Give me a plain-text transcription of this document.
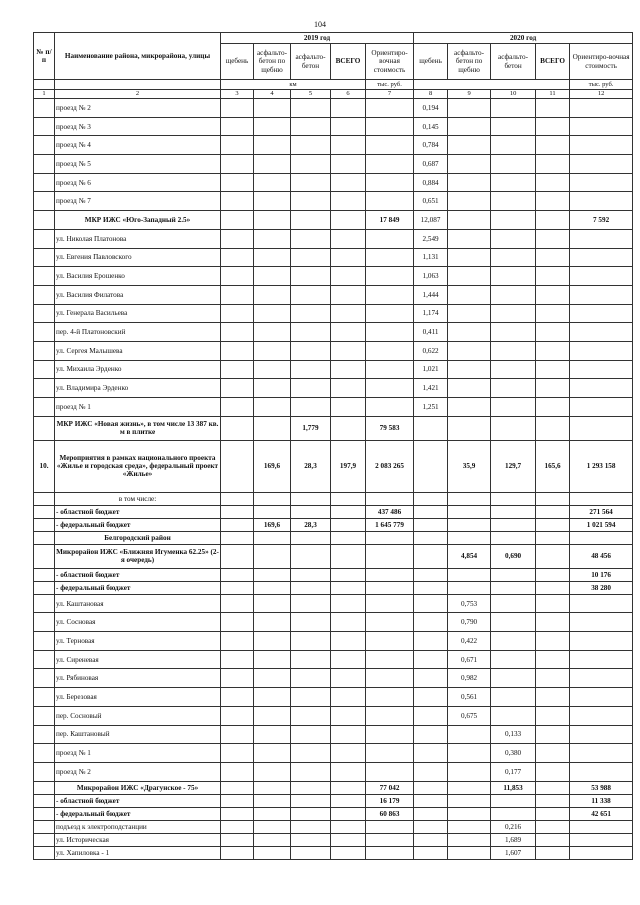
104
№ п/п	Наименование района, микрорайона, улицы	2019 год					2020 год				
		щебень	асфальто-бетон по щебню	асфальто-бетон	ВСЕГО	Ориентиро-вочная стоимость	щебень	асфальто-бетон по щебню	асфальто-бетон	ВСЕГО	Ориентиро-вочная стоимость
		км				тыс. руб.					тыс. руб.
1	2	3	4	5	6	7	8	9	10	11	12
	проезд № 2						0,194				
	проезд № 3						0,145				
	проезд № 4						0,784				
	проезд № 5						0,687				
	проезд № 6						0,884				
	проезд № 7						0,651				
	МКР ИЖС «Юго-Западный 2.5»					17 849	12,087				7 592
	ул. Николая Платонова						2,549				
	ул. Евгения Павловского						1,131				
	ул. Василия Ерошенко						1,063				
	ул. Василия Филатова						1,444				
	ул. Генерала Васильева						1,174				
	пер. 4-й Платоновский						0,411				
	ул. Сергея Малышева						0,622				
	ул. Михаила Эрденко						1,021				
	ул. Владимира Эрденко						1,421				
	проезд № 1						1,251				
	МКР ИЖС «Новая жизнь», в том числе 13 387 кв. м в плитке			1,779		79 583					
10.	Мероприятия в рамках национального проекта «Жилье и городская среда», федеральный проект «Жилье»		169,6	28,3	197,9	2 083 265		35,9	129,7	165,6	1 293 158
	в том числе:										
	- областной бюджет					437 486					271 564
	- федеральный бюджет		169,6	28,3		1 645 779					1 021 594
	Белгородский район										
	Микрорайон ИЖС «Ближняя Игуменка 62.25» (2-я очередь)							4,854	0,690		48 456
	- областной бюджет										10 176
	- федеральный бюджет										38 280
	ул. Каштановая							0,753			
	ул. Сосновая							0,790			
	ул. Терновая							0,422			
	ул. Сиреневая							0,671			
	ул. Рябиновая							0,982			
	ул. Березовая							0,561			
	пер. Сосновый							0,675			
	пер. Каштановый								0,133		
	проезд № 1								0,380		
	проезд № 2								0,177		
	Микрорайон ИЖС «Драгунское - 75»					77 042			11,853		53 988
	- областной бюджет					16 179					11 338
	- федеральный бюджет					60 863					42 651
	подъезд к электроподстанции								0,216		
	ул. Историческая								1,689		
	ул. Хапиловка - 1								1,607		
